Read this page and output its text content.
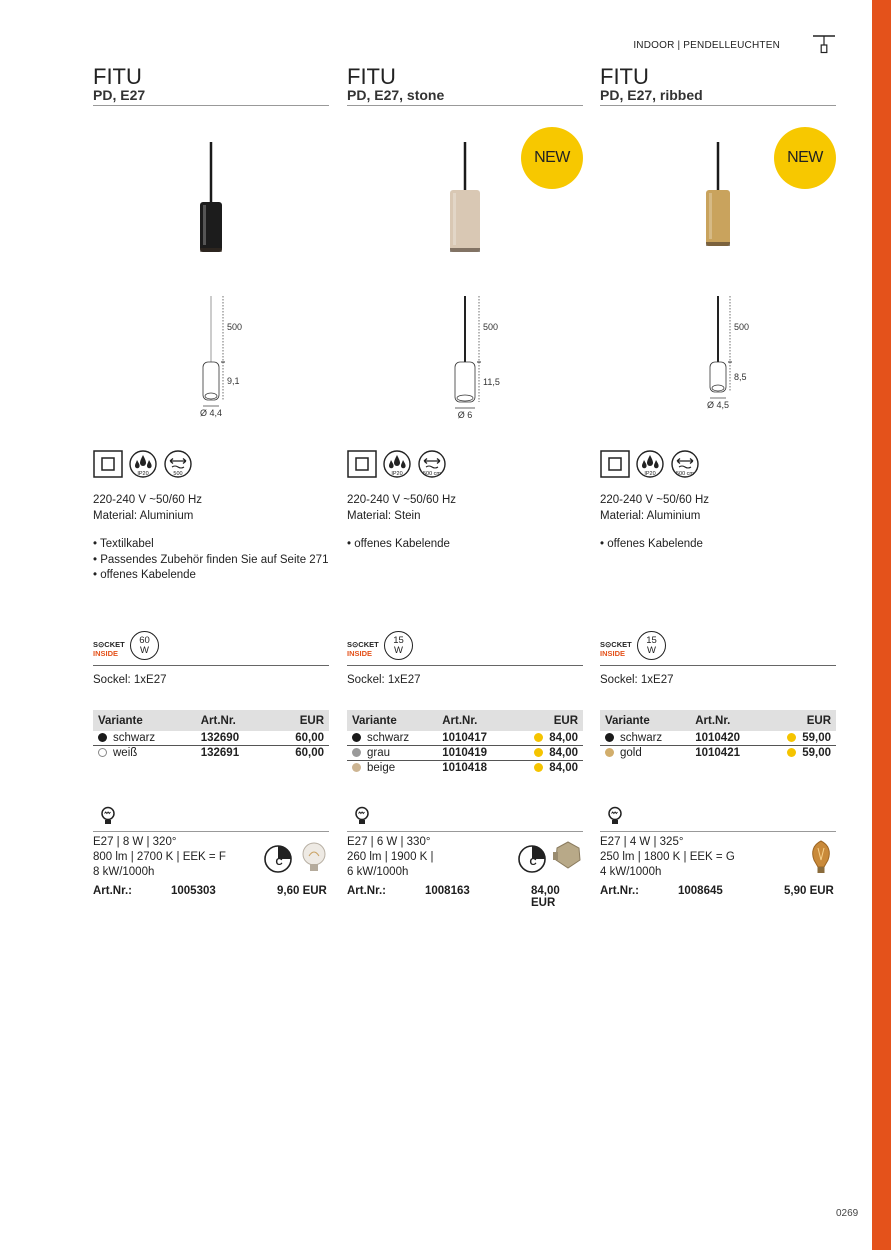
INDOOR | PENDELLEUCHTEN
0269
FITU
PD, E27
500
9,1
Ø 4,4
IP20	500
220-240 V ~50/60 Hz
Material: Aluminium
• Textilkabel
• Passendes Zubehör finden Sie auf Seite 271
• offenes Kabelende
S⊙CKET
INSIDE
60
W
Sockel: 1xE27
Variante	Art.Nr.	EUR
schwarz	132690	60,00
weiß	132691	60,00
E27 | 8 W | 320°
800 lm | 2700 K | EEK = F
8 kW/1000h
C
Art.Nr.:	1005303	9,60 EUR
FITU
PD, E27, stone
NEW
500
11,5
Ø 6
IP20	500 cm
220-240 V ~50/60 Hz
Material: Stein
• offenes Kabelende
S⊙CKET
INSIDE
15
W
Sockel: 1xE27
Variante	Art.Nr.	EUR
schwarz	1010417	84,00
grau	1010419	84,00
beige	1010418	84,00
E27 | 6 W | 330°
260 lm | 1900 K |
6 kW/1000h
C
Art.Nr.:	1008163	84,00 EUR
FITU
PD, E27, ribbed
NEW
500
8,5
Ø 4,5
IP20	500 cm
220-240 V ~50/60 Hz
Material: Aluminium
• offenes Kabelende
S⊙CKET
INSIDE
15
W
Sockel: 1xE27
Variante	Art.Nr.	EUR
schwarz	1010420	59,00
gold	1010421	59,00
E27 | 4 W | 325°
250 lm | 1800 K | EEK = G
4 kW/1000h
Art.Nr.:	1008645	5,90 EUR
